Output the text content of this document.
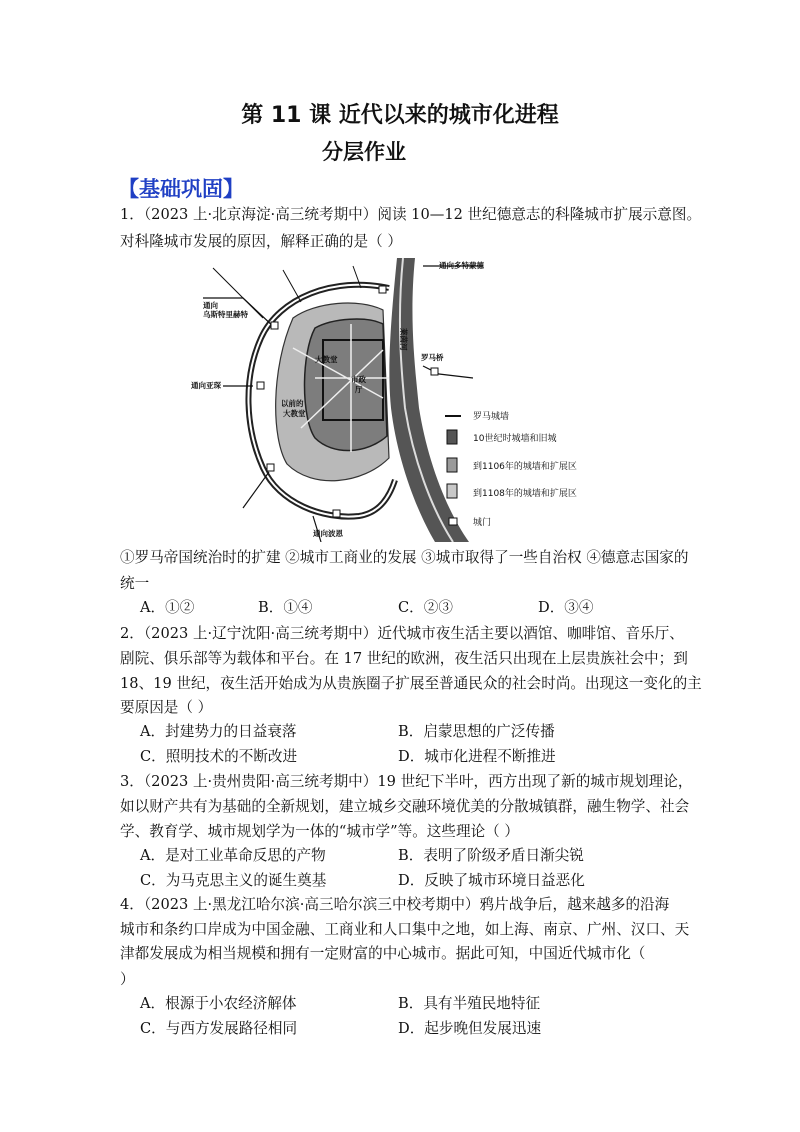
第 11 课 近代以来的城市化进程
分层作业
【基础巩固】
1．（2023 上·北京海淀·高三统考期中）阅读 10—12 世纪德意志的科隆城市扩展示意图。
对科隆城市发展的原因，解释正确的是（ ）
通向多特蒙德
通向
乌斯特里赫特
通向亚琛
通向波恩
大教堂
市政
厅
以前的
大教堂
莱茵河
罗马桥
罗马城墙
10世纪时城墙和旧城
到1106年的城墙和扩展区
到1108年的城墙和扩展区
城门
①罗马帝国统治时的扩建 ②城市工商业的发展 ③城市取得了一些自治权 ④德意志国家的
统一
A．①②	B．①④	C．②③	D．③④
2．（2023 上·辽宁沈阳·高三统考期中）近代城市夜生活主要以酒馆、咖啡馆、音乐厅、
剧院、俱乐部等为载体和平台。在 17 世纪的欧洲，夜生活只出现在上层贵族社会中；到
18、19 世纪，夜生活开始成为从贵族圈子扩展至普通民众的社会时尚。出现这一变化的主
要原因是（ ）
A．封建势力的日益衰落	B．启蒙思想的广泛传播
C．照明技术的不断改进	D．城市化进程不断推进
3．（2023 上·贵州贵阳·高三统考期中）19 世纪下半叶，西方出现了新的城市规划理论，
如以财产共有为基础的全新规划，建立城乡交融环境优美的分散城镇群，融生物学、社会
学、教育学、城市规划学为一体的“城市学”等。这些理论（ ）
A．是对工业革命反思的产物	B．表明了阶级矛盾日渐尖锐
C．为马克思主义的诞生奠基	D．反映了城市环境日益恶化
4．（2023 上·黑龙江哈尔滨·高三哈尔滨三中校考期中）鸦片战争后，越来越多的沿海
城市和条约口岸成为中国金融、工商业和人口集中之地，如上海、南京、广州、汉口、天
津都发展成为相当规模和拥有一定财富的中心城市。据此可知，中国近代城市化（
）
A．根源于小农经济解体	B．具有半殖民地特征
C．与西方发展路径相同	D．起步晚但发展迅速
